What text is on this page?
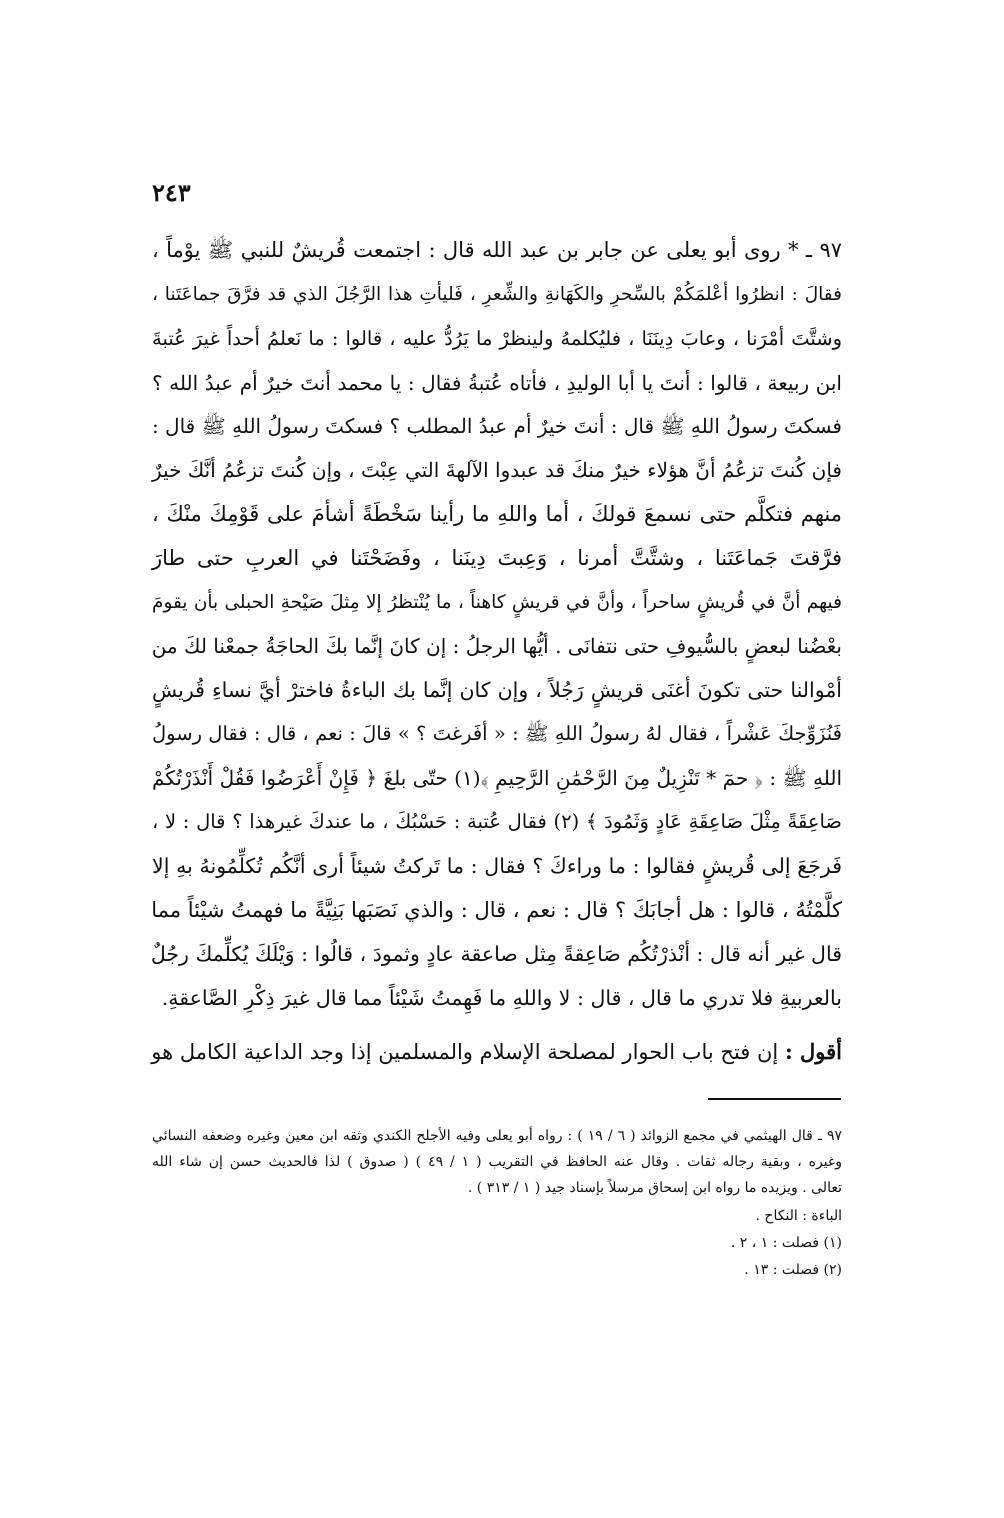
٢٤٣
٩٧ ـ * روى أبو يعلى عن جابر بن عبد الله قال : اجتمعت قُريشٌ للنبي ﷺ يوْماً ،
فقالَ : انظرُوا أعْلمَكُمْ بالسِّحرِ والكَهَانةِ والشِّعرِ ، فَليأتِ هذا الرَّجُلَ الذي قد فرَّقَ جماعَتَنا ،
وشتَّتَ أمْرَنا ، وعابَ دِينَنَا ، فليُكلمهُ ولينظرْ ما يَرُدُّ عليه ، قالوا : ما نَعلمُ أحداً غيرَ عُتبةَ
ابن ربيعة ، قالوا : أنتَ يا أبا الوليدِ ، فأتاه عُتبةُ فقال : يا محمد أنتَ خيرٌ أم عبدُ الله ؟
فسكتَ رسولُ اللهِ ﷺ قال : أنتَ خيرٌ أم عبدُ المطلب ؟ فسكتَ رسولُ اللهِ ﷺ قال :
فإن كُنتَ تزعُمُ أنَّ هؤلاء خيرٌ منكَ قد عبدوا الآلهةَ التي عِبْتَ ، وإن كُنتَ تزعُمُ أنَّكَ خيرٌ
منهم فتكلَّم حتى نسمعَ قولكَ ، أما واللهِ ما رأينا سَخْطَةً أشأمَ على قَوْمِكَ منْكَ ،
فرَّقتَ جَماعَتَنا ، وشتَّتَّ أمرنا ، وَعِبتَ دِينَنا ، وفَضَحْتَنا في العربِ حتى طارَ
فيهم أنَّ في قُريشٍ ساحراً ، وأنَّ في قريشٍ كاهناً ، ما يُنْتظرُ إلا مِثلَ صَيْحةِ الحبلى بأن يقومَ
بعْضُنا لبعضٍ بالسُّيوفِ حتى نتفانَى . أيُّها الرجلُ : إن كانَ إنَّما بكَ الحاجَةُ جمعْنا لكَ من
أمْوالنا حتى تكونَ أغنَى قريشٍ رَجُلاً ، وإن كان إنَّما بك الباءةُ فاخترْ أيَّ نساءِ قُريشٍ
فَنُزَوِّجكَ عَشْراً ، فقال لهُ رسولُ اللهِ ﷺ : « أفَرغتَ ؟ » قالَ : نعم ، قال : فقال رسولُ
اللهِ ﷺ : ﴿ حمٓ * تَنْزِيلٌ مِنَ الرَّحْمَٰنِ الرَّحِيمِ ﴾(١) حتّى بلغَ ﴿ فَإِنْ أَعْرَضُوا فَقُلْ أَنْذَرْتُكُمْ
صَاعِقَةً مِثْلَ صَاعِقَةِ عَادٍ وَثَمُودَ ﴾ (٢) فقال عُتبة : حَسْبُكَ ، ما عندكَ غيرهذا ؟ قال : لا ،
فَرجَعَ إلى قُريشٍ فقالوا : ما وراءكَ ؟ فقال : ما تَركتُ شيئاً أرى أنَّكُم تُكلِّمُونهُ بهِ إلا
كلَّمْتُهُ ، قالوا : هل أجابَكَ ؟ قال : نعم ، قال : والذي نَصَبَها بَنِيَّةً ما فهمتُ شيْئاً مما
قال غير أنه قال : أنْذرْتُكُم صَاعِقةً مِثل صاعقة عادٍ وثمودَ ، قالُوا : وَيْلَكَ يُكلِّمكَ رجُلٌ
بالعربيةِ فلا تدري ما قال ، قال : لا واللهِ ما فَهِمتُ شَيْئاً مما قال غيرَ ذِكْرِ الصَّاعقةِ.
أقول : إن فتح باب الحوار لمصلحة الإسلام والمسلمين إذا وجد الداعية الكامل هو
٩٧ ـ قال الهيثمي في مجمع الزوائد ( ٦ / ١٩ ) : رواه أبو يعلى وفيه الأجلح الكندي وثقه ابن معين وغيره وضعفه النسائي
وغيره ، وبقية رجاله ثقات . وقال عنه الحافظ في التقريب ( ١ / ٤٩ ) ( صدوق ) لذا فالحديث حسن إن شاء الله
تعالى . ويزيده ما رواه ابن إسحاق مرسلاً بإسناد جيد ( ١ / ٣١٣ ) .
الباءة : النكاح .
(١) فصلت : ١ ، ٢ .
(٢) فصلت : ١٣ .
